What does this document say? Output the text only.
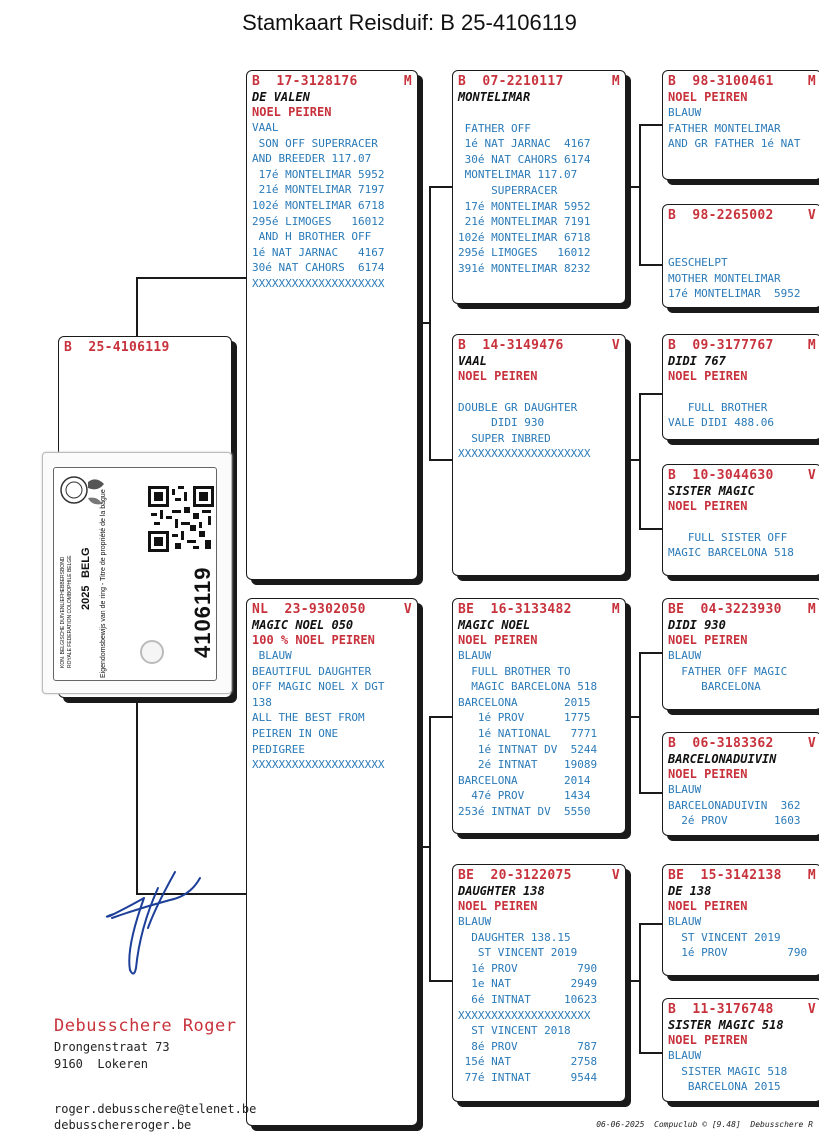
Stamkaart Reisduif: B 25-4106119
B 25-4106119
B 17-3128176	M
DE VALEN
NOEL PEIREN
VAAL
SON OFF SUPERRACER
AND BREEDER 117.07
17é MONTELIMAR 5952
21é MONTELIMAR 7197
102é MONTELIMAR 6718
295é LIMOGES   16012
AND H BROTHER OFF
1é NAT JARNAC   4167
30é NAT CAHORS  6174
XXXXXXXXXXXXXXXXXXXX
NL 23-9302050	V
MAGIC NOEL 050
100 % NOEL PEIREN
BLAUW
BEAUTIFUL DAUGHTER
OFF MAGIC NOEL X DGT
138
ALL THE BEST FROM
PEIREN IN ONE
PEDIGREE
XXXXXXXXXXXXXXXXXXXX
B 07-2210117	M
MONTELIMAR
FATHER OFF
1é NAT JARNAC  4167
30é NAT CAHORS 6174
MONTELIMAR 117.07
SUPERRACER
17é MONTELIMAR 5952
21é MONTELIMAR 7191
102é MONTELIMAR 6718
295é LIMOGES   16012
391é MONTELIMAR 8232
B 14-3149476	V
VAAL
NOEL PEIREN
DOUBLE GR DAUGHTER
DIDI 930
SUPER INBRED
XXXXXXXXXXXXXXXXXXXX
BE 16-3133482	M
MAGIC NOEL
NOEL PEIREN
BLAUW
FULL BROTHER TO
MAGIC BARCELONA 518
BARCELONA       2015
1é PROV      1775
1é NATIONAL   7771
1é INTNAT DV  5244
2é INTNAT    19089
BARCELONA       2014
47é PROV      1434
253é INTNAT DV  5550
BE 20-3122075	V
DAUGHTER 138
NOEL PEIREN
BLAUW
DAUGHTER 138.15
ST VINCENT 2019
1é PROV         790
1e NAT         2949
6é INTNAT     10623
XXXXXXXXXXXXXXXXXXXX
ST VINCENT 2018
8é PROV         787
15é NAT         2758
77é INTNAT      9544
B 98-3100461	M
NOEL PEIREN
BLAUW
FATHER MONTELIMAR
AND GR FATHER 1é NAT
B 98-2265002	V
GESCHELPT
MOTHER MONTELIMAR
17é MONTELIMAR  5952
B 09-3177767	M
DIDI 767
NOEL PEIREN
FULL BROTHER
VALE DIDI 488.06
B 10-3044630	V
SISTER MAGIC
NOEL PEIREN
FULL SISTER OFF
MAGIC BARCELONA 518
BE 04-3223930 M
DIDI 930
NOEL PEIREN
BLAUW
FATHER OFF MAGIC
BARCELONA
B 06-3183362	V
BARCELONADUIVIN
NOEL PEIREN
BLAUW
BARCELONADUIVIN  362
2é PROV       1603
BE 15-3142138 M
DE 138
NOEL PEIREN
BLAUW
ST VINCENT 2019
1é PROV         790
B 11-3176748	V
SISTER MAGIC 518
NOEL PEIREN
BLAUW
SISTER MAGIC 518
BARCELONA 2015
KON. BELGISCHE DUIVENLIEFHEBBERSBOND ROYALE FEDERATION COLOMBOPHILE BELGE 2025
BELG Eigendomsbewijs van de ring - Titre de propriété de la bague	4106119
Debusschere Roger
Drongenstraat 73
9160  Lokeren
roger.debusschere@telenet.be
debusschereroger.be	06-06-2025 Compuclub © [9.48]  Debusschere R
